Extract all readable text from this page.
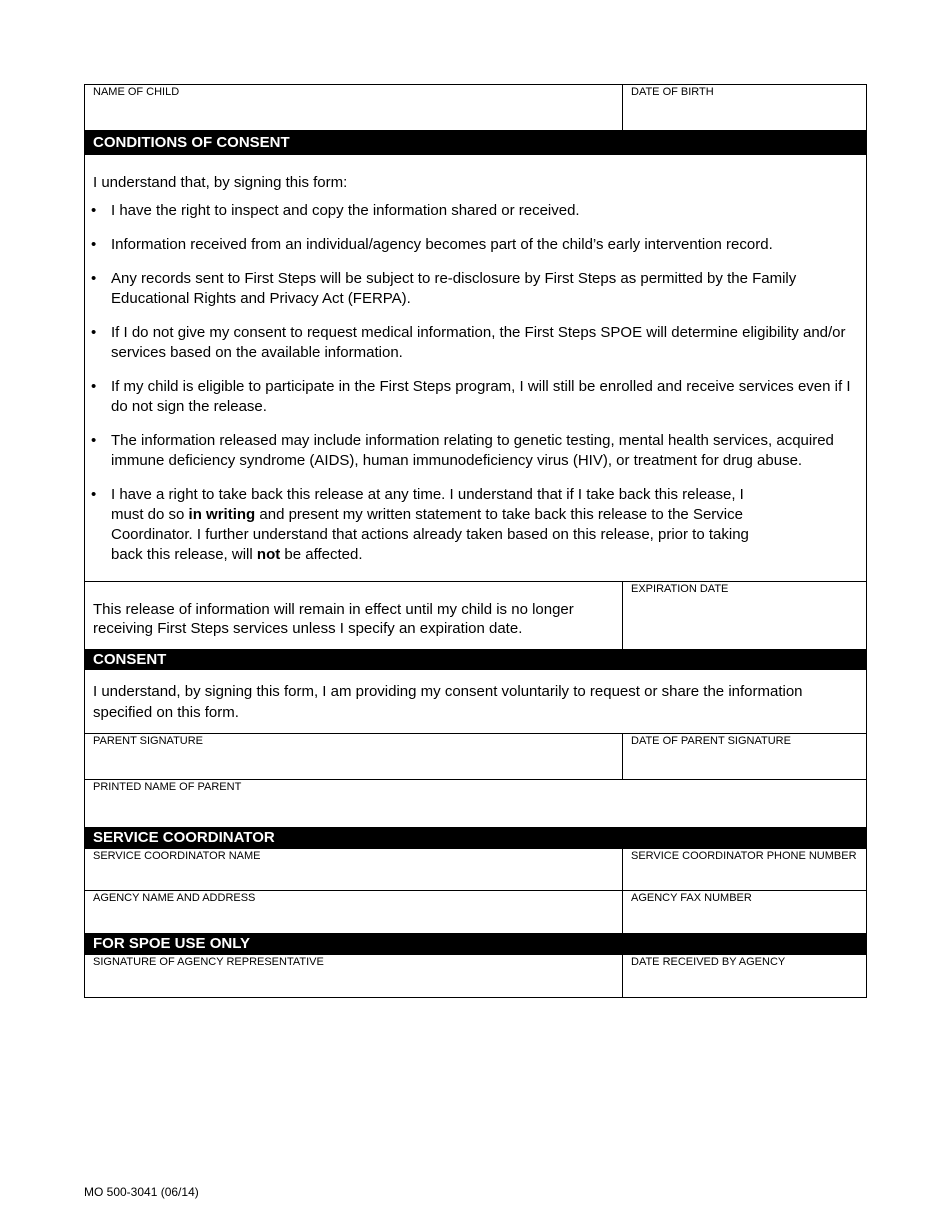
NAME OF CHILD	DATE OF BIRTH
CONDITIONS OF CONSENT

I understand that, by signing this form:

• I have the right to inspect and copy the information shared or received.
• Information received from an individual/agency becomes part of the child’s early intervention record.
• Any records sent to First Steps will be subject to re-disclosure by First Steps as permitted by the Family Educational Rights and Privacy Act (FERPA).
• If I do not give my consent to request medical information, the First Steps SPOE will determine eligibility and/or services based on the available information.
• If my child is eligible to participate in the First Steps program, I will still be enrolled and receive services even if I do not sign the release.
• The information released may include information relating to genetic testing, mental health services, acquired immune deficiency syndrome (AIDS), human immunodeficiency virus (HIV), or treatment for drug abuse.
• I have a right to take back this release at any time. I understand that if I take back this release, I must do so in writing and present my written statement to take back this release to the Service Coordinator. I further understand that actions already taken based on this release, prior to taking back this release, will not be affected.
This release of information will remain in effect until my child is no longer receiving First Steps services unless I specify an expiration date.
EXPIRATION DATE
CONSENT
I understand, by signing this form, I am providing my consent voluntarily to request or share the information specified on this form.
PARENT SIGNATURE	DATE OF PARENT SIGNATURE
PRINTED NAME OF PARENT
SERVICE COORDINATOR
SERVICE COORDINATOR NAME	SERVICE COORDINATOR PHONE NUMBER
AGENCY NAME AND ADDRESS	AGENCY FAX NUMBER
FOR SPOE USE ONLY
SIGNATURE OF AGENCY REPRESENTATIVE	DATE RECEIVED BY AGENCY
MO 500-3041 (06/14)
